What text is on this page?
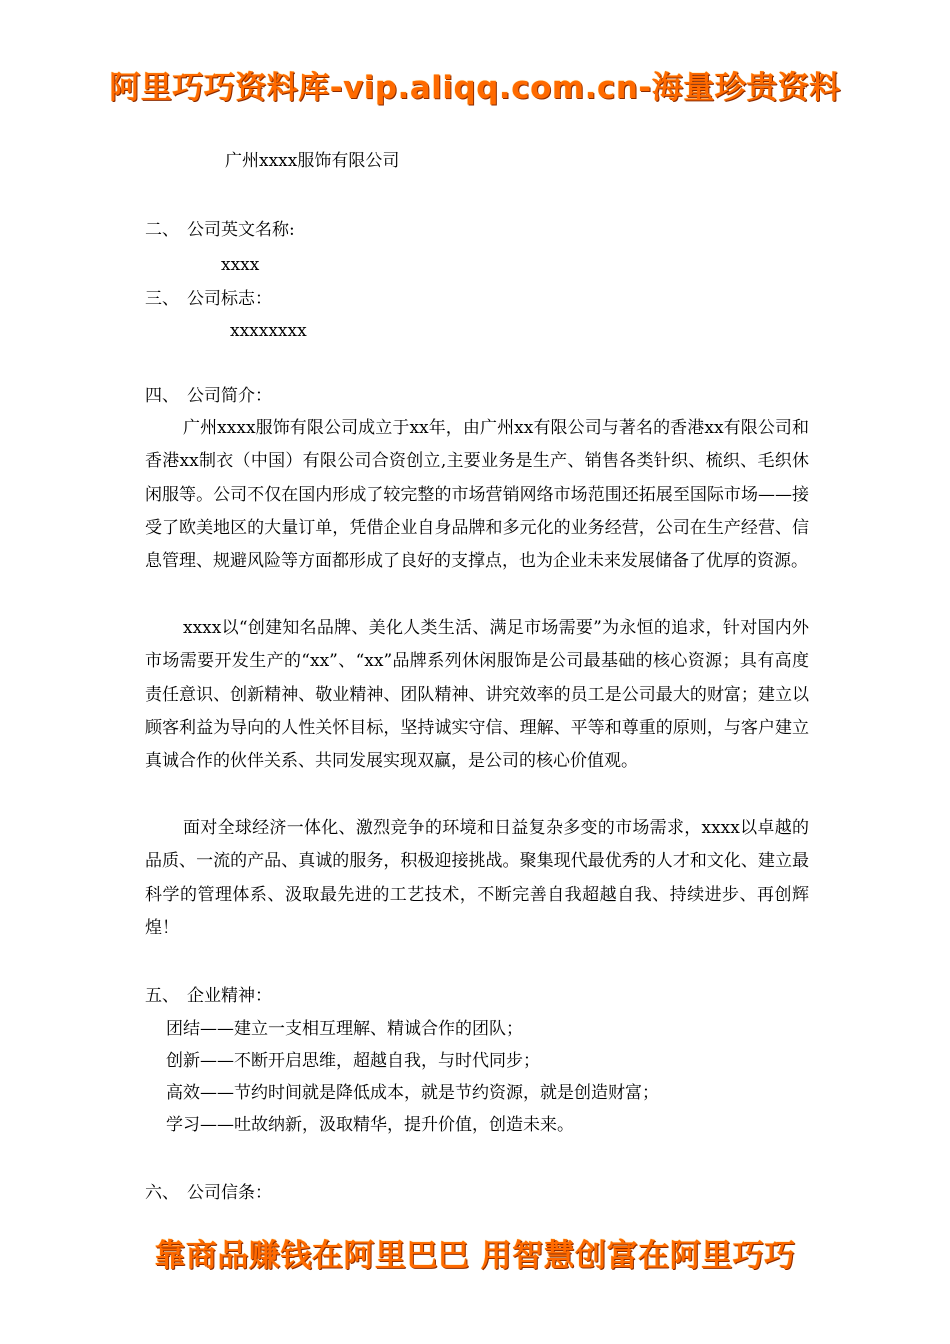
阿里巧巧资料库-vip.aliqq.com.cn-海量珍贵资料
广州xxxx服饰有限公司
二、 公司英文名称:
xxxx
三、 公司标志：
xxxxxxxx
四、 公司简介：
广州xxxx服饰有限公司成立于xx年，由广州xx有限公司与著名的香港xx有限公司和香港xx制衣（中国）有限公司合资创立,主要业务是生产、销售各类针织、梳织、毛织休闲服等。公司不仅在国内形成了较完整的市场营销网络市场范围还拓展至国际市场——接受了欧美地区的大量订单，凭借企业自身品牌和多元化的业务经营，公司在生产经营、信息管理、规避风险等方面都形成了良好的支撑点，也为企业未来发展储备了优厚的资源。
xxxx以“创建知名品牌、美化人类生活、满足市场需要”为永恒的追求，针对国内外市场需要开发生产的“xx”、“xx”品牌系列休闲服饰是公司最基础的核心资源；具有高度责任意识、创新精神、敬业精神、团队精神、讲究效率的员工是公司最大的财富；建立以顾客利益为导向的人性关怀目标，坚持诚实守信、理解、平等和尊重的原则，与客户建立真诚合作的伙伴关系、共同发展实现双赢，是公司的核心价值观。
面对全球经济一体化、激烈竞争的环境和日益复杂多变的市场需求，xxxx以卓越的品质、一流的产品、真诚的服务，积极迎接挑战。聚集现代最优秀的人才和文化、建立最科学的管理体系、汲取最先进的工艺技术，不断完善自我超越自我、持续进步、再创辉煌！
五、 企业精神：
团结——建立一支相互理解、精诚合作的团队；
创新——不断开启思维，超越自我，与时代同步；
高效——节约时间就是降低成本，就是节约资源，就是创造财富；
学习——吐故纳新，汲取精华，提升价值，创造未来。
六、 公司信条：
靠商品赚钱在阿里巴巴 用智慧创富在阿里巧巧
